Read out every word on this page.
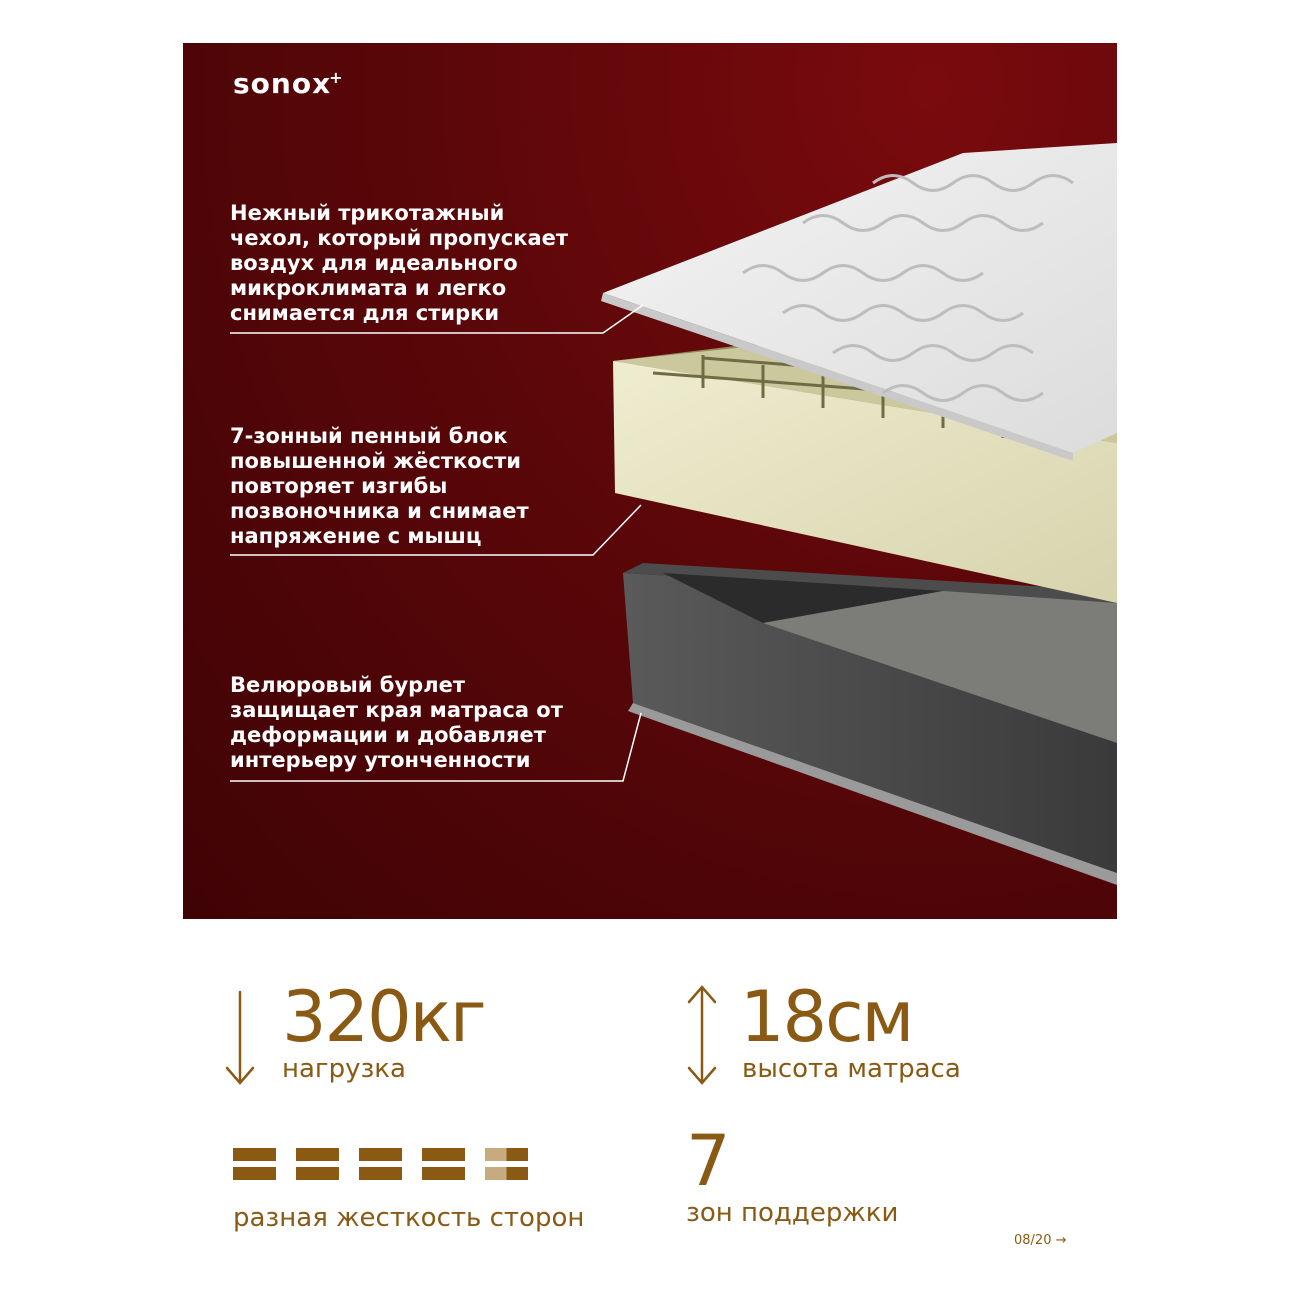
sonox+
Нежный трикотажный
чехол, который пропускает
воздух для идеального
микроклимата и легко
снимается для стирки
7-зонный пенный блок
повышенной жёсткости
повторяет изгибы
позвоночника и снимает
напряжение с мышц
Велюровый бурлет
защищает края матраса от
деформации и добавляет
интерьеру утонченности
320кг
нагрузка
18см
высота матраса
разная жесткость сторон
7
зон поддержки
08/20 →
